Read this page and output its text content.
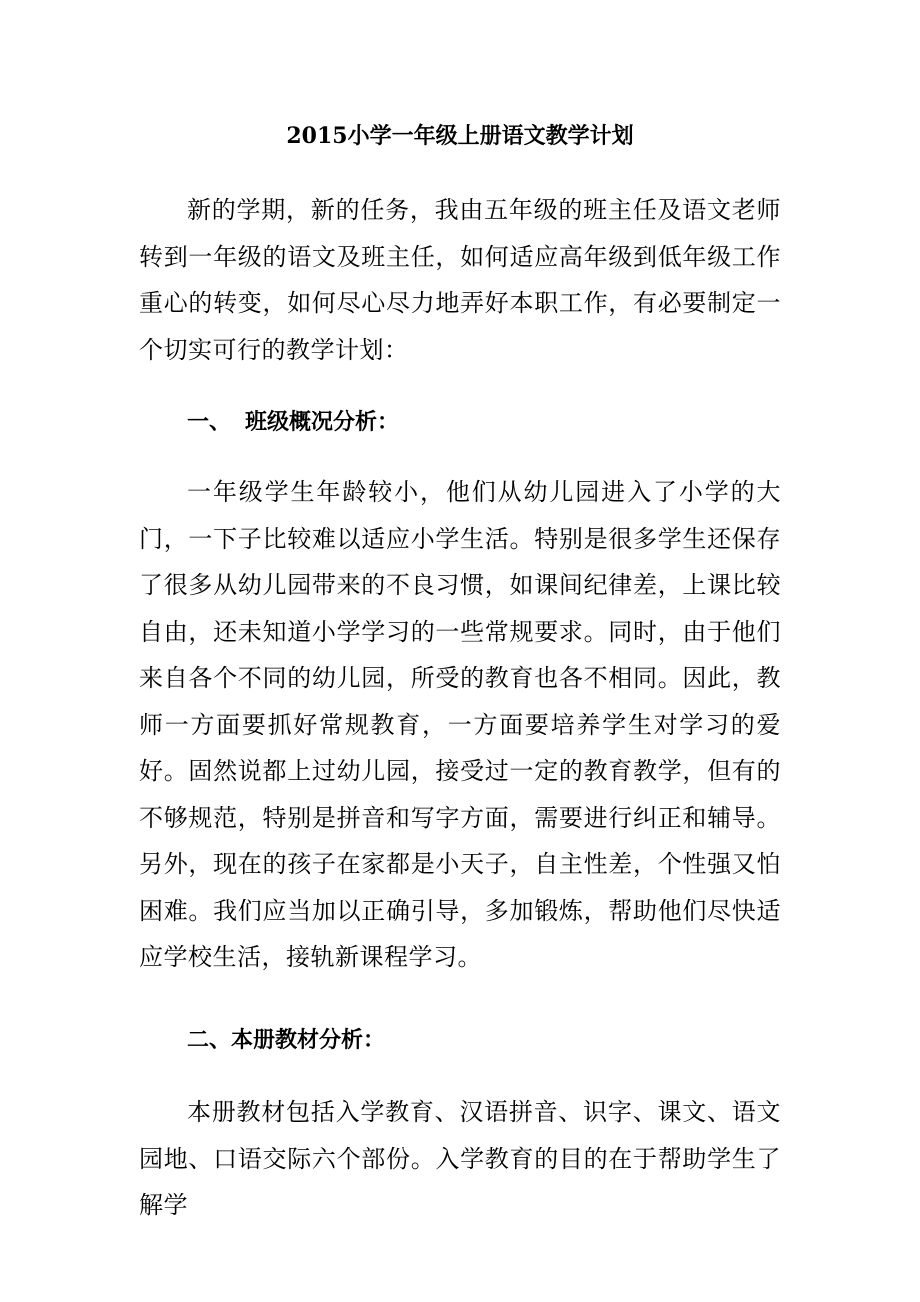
2015小学一年级上册语文教学计划

新的学期，新的任务，我由五年级的班主任及语文老师转到一年级的语文及班主任，如何适应高年级到低年级工作重心的转变，如何尽心尽力地弄好本职工作，有必要制定一个切实可行的教学计划：

一、 班级概况分析：

一年级学生年龄较小，他们从幼儿园进入了小学的大门，一下子比较难以适应小学生活。特别是很多学生还保存了很多从幼儿园带来的不良习惯，如课间纪律差，上课比较自由，还未知道小学学习的一些常规要求。同时，由于他们来自各个不同的幼儿园，所受的教育也各不相同。因此，教师一方面要抓好常规教育，一方面要培养学生对学习的爱好。固然说都上过幼儿园，接受过一定的教育教学，但有的不够规范，特别是拼音和写字方面，需要进行纠正和辅导。另外，现在的孩子在家都是小天子，自主性差，个性强又怕困难。我们应当加以正确引导，多加锻炼，帮助他们尽快适应学校生活，接轨新课程学习。

二、本册教材分析：

本册教材包括入学教育、汉语拼音、识字、课文、语文园地、口语交际六个部份。入学教育的目的在于帮助学生了解学
